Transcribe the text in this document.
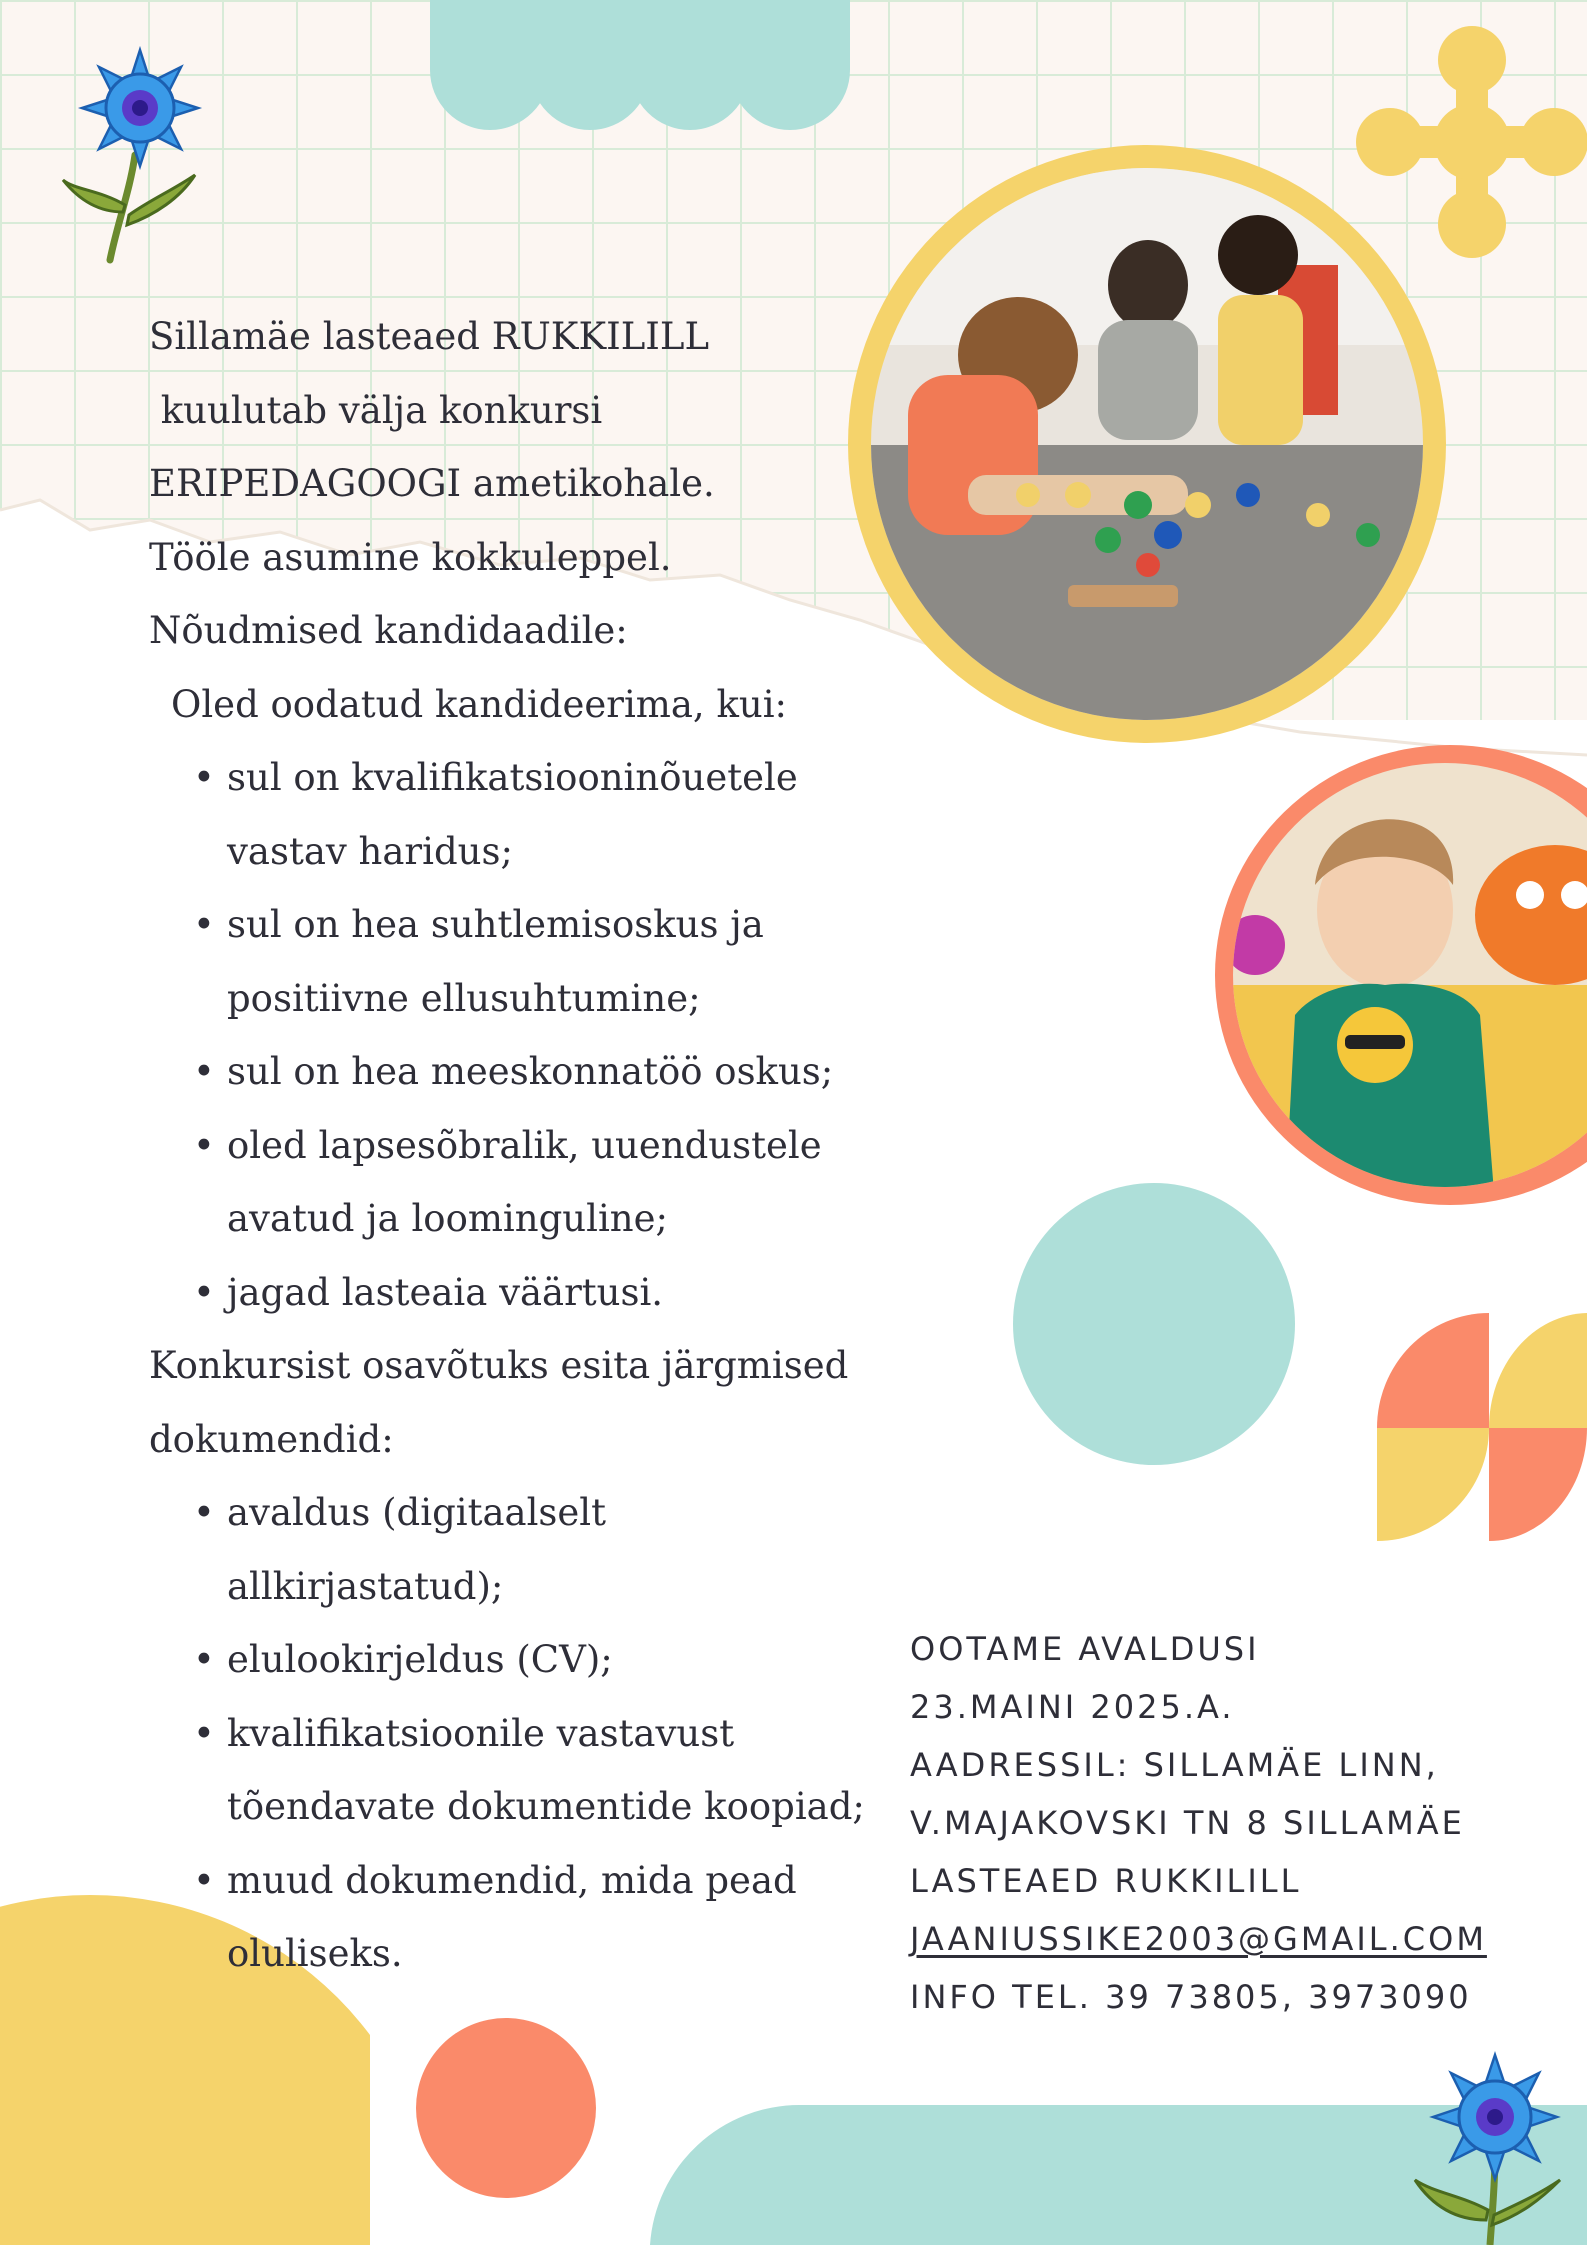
Sillamäe lasteaed RUKKILILL

kuulutab välja konkursi

ERIPEDAGOOGI ametikohale.

Tööle asumine kokkuleppel.

Nõudmised kandidaadile:

Oled oodatud kandideerima, kui:

• sul on kvalifikatsiooninõuetele
vastav haridus;
• sul on hea suhtlemisoskus ja
positiivne ellusuhtumine;
• sul on hea meeskonnatöö oskus;
• oled lapsesõbralik, uuendustele
avatud ja loominguline;
• jagad lasteaia väärtusi.

Konkursist osavõtuks esita järgmised

dokumendid:

• avaldus (digitaalselt
allkirjastatud);
• elulookirjeldus (CV);
• kvalifikatsioonile vastavust
tõendavate dokumentide koopiad;
• muud dokumendid, mida pead
oluliseks.
OOTAME AVALDUSI
23.MAINI 2025.A.
AADRESSIL: SILLAMÄE LINN,
V.MAJAKOVSKI TN 8 SILLAMÄE
LASTEAED RUKKILILL
JAANIUSSIKE2003@GMAIL.COM
INFO TEL. 39 73805, 3973090
